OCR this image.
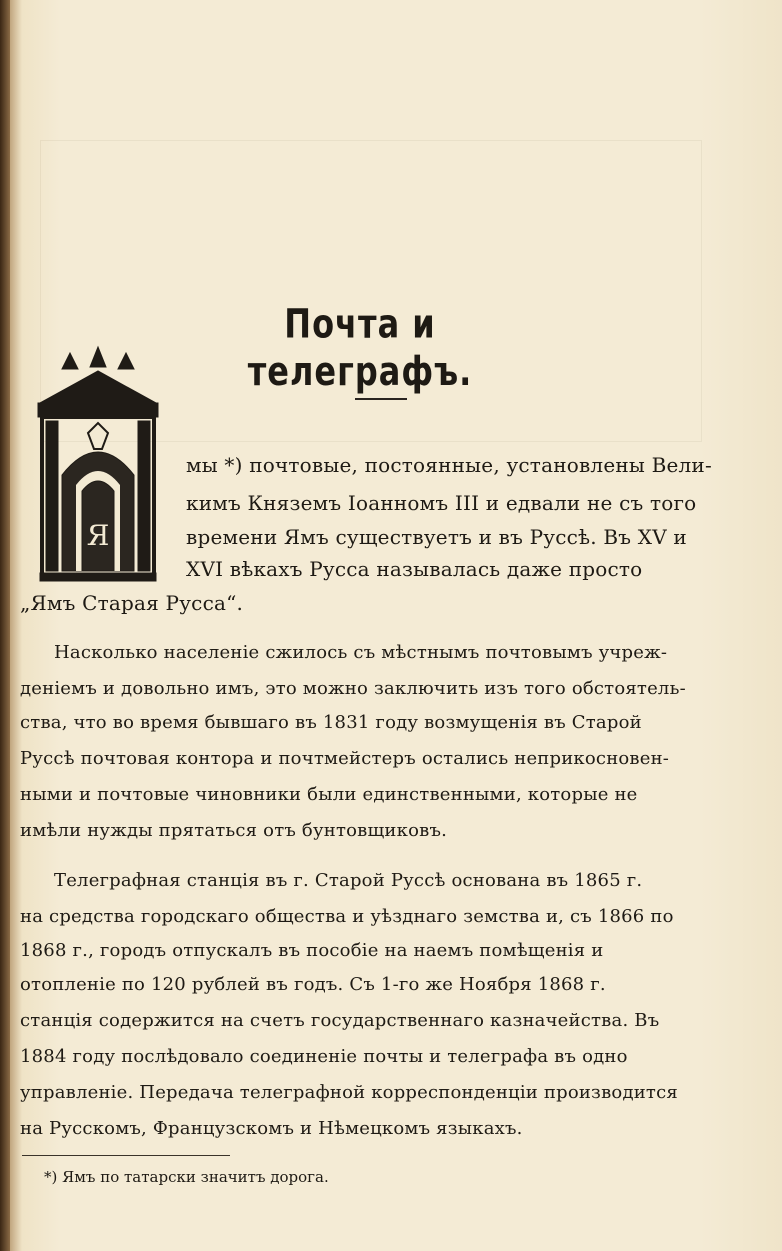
Почта и телеграфъ.
Я
мы *) почтовые, постоянные, установлены Вели-
кимъ Княземъ Іоанномъ III и едвали не съ того
времени Ямъ существуетъ и въ Руссѣ. Въ XV и
XVI вѣкахъ Русса называлась даже просто
„Ямъ Старая Русса“.
Насколько населеніе сжилось съ мѣстнымъ почтовымъ учреж-
деніемъ и довольно имъ, это можно заключить изъ того обстоятель-
ства, что во время бывшаго въ 1831 году возмущенія въ Старой
Руссѣ почтовая контора и почтмейстеръ остались неприкосновен-
ными и почтовые чиновники были единственными, которые не
имѣли нужды прятаться отъ бунтовщиковъ.
Телеграфная станція въ г. Старой Руссѣ основана въ 1865 г.
на средства городскаго общества и уѣзднаго земства и, съ 1866 по
1868 г., городъ отпускалъ въ пособіе на наемъ помѣщенія и
отопленіе по 120 рублей въ годъ. Съ 1-го же Ноября 1868 г.
станція содержится на счетъ государственнаго казначейства. Въ
1884 году послѣдовало соединеніе почты и телеграфа въ одно
управленіе. Передача телеграфной корреспонденціи производится
на Русскомъ, Французскомъ и Нѣмецкомъ языкахъ.
*) Ямъ по татарски значитъ дорога.
